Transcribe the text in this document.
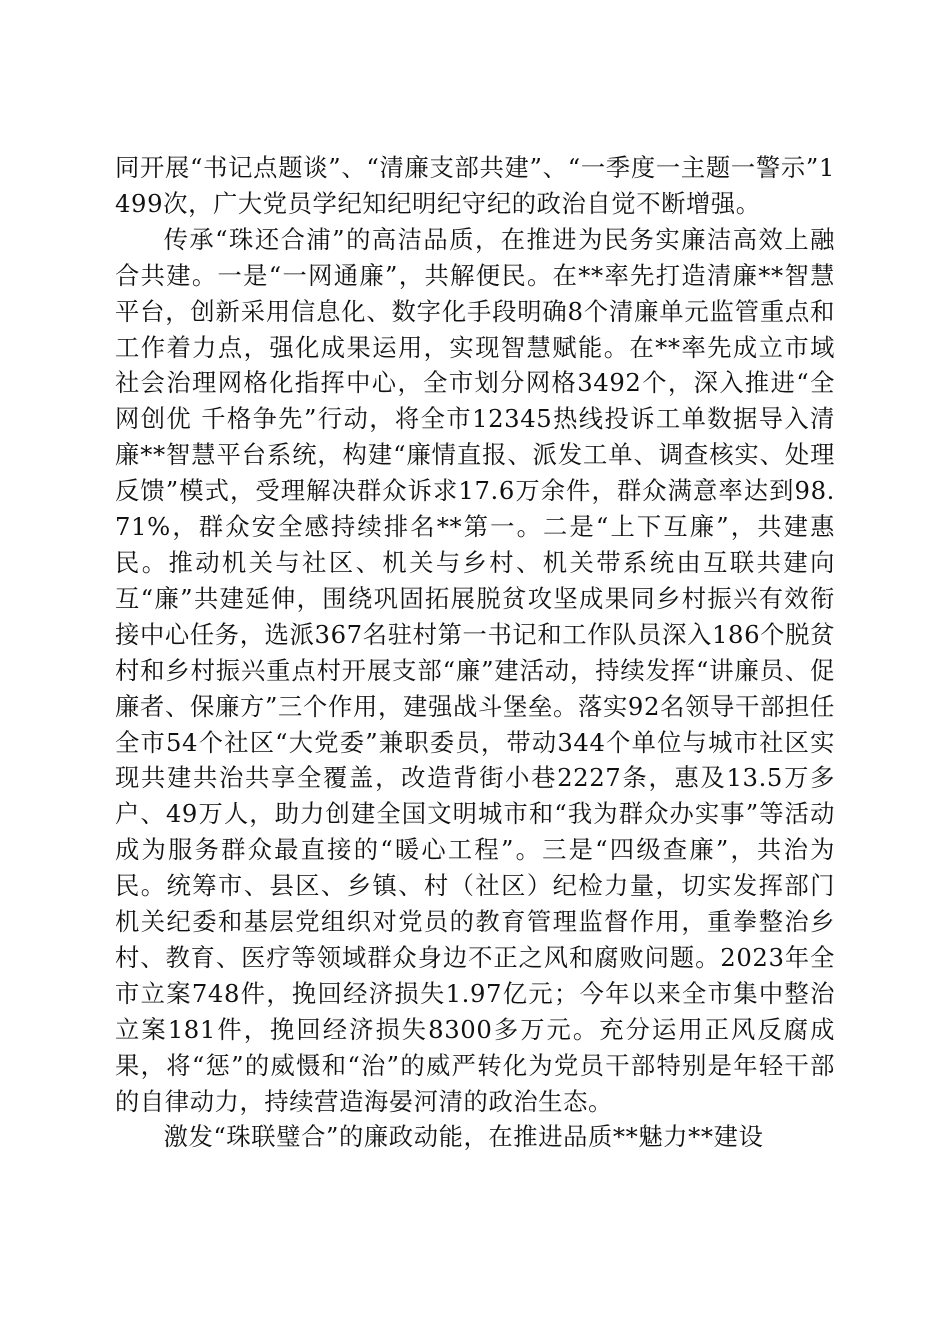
同开展“书记点题谈”、“清廉支部共建”、“一季度一主题一警示”1499次，广大党员学纪知纪明纪守纪的政治自觉不断增强。

传承“珠还合浦”的高洁品质，在推进为民务实廉洁高效上融合共建。一是“一网通廉”，共解便民。在**率先打造清廉**智慧平台，创新采用信息化、数字化手段明确8个清廉单元监管重点和工作着力点，强化成果运用，实现智慧赋能。在**率先成立市域社会治理网格化指挥中心，全市划分网格3492个，深入推进“全网创优 千格争先”行动，将全市12345热线投诉工单数据导入清廉**智慧平台系统，构建“廉情直报、派发工单、调查核实、处理反馈”模式，受理解决群众诉求17.6万余件，群众满意率达到98.71%，群众安全感持续排名**第一。二是“上下互廉”，共建惠民。推动机关与社区、机关与乡村、机关带系统由互联共建向互“廉”共建延伸，围绕巩固拓展脱贫攻坚成果同乡村振兴有效衔接中心任务，选派367名驻村第一书记和工作队员深入186个脱贫村和乡村振兴重点村开展支部“廉”建活动，持续发挥“讲廉员、促廉者、保廉方”三个作用，建强战斗堡垒。落实92名领导干部担任全市54个社区“大党委”兼职委员，带动344个单位与城市社区实现共建共治共享全覆盖，改造背街小巷2227条，惠及13.5万多户、49万人，助力创建全国文明城市和“我为群众办实事”等活动成为服务群众最直接的“暖心工程”。三是“四级查廉”，共治为民。统筹市、县区、乡镇、村（社区）纪检力量，切实发挥部门机关纪委和基层党组织对党员的教育管理监督作用，重拳整治乡村、教育、医疗等领域群众身边不正之风和腐败问题。2023年全市立案748件，挽回经济损失1.97亿元；今年以来全市集中整治立案181件，挽回经济损失8300多万元。充分运用正风反腐成果，将“惩”的威慑和“治”的威严转化为党员干部特别是年轻干部的自律动力，持续营造海晏河清的政治生态。

激发“珠联璧合”的廉政动能，在推进品质**魅力**建设
